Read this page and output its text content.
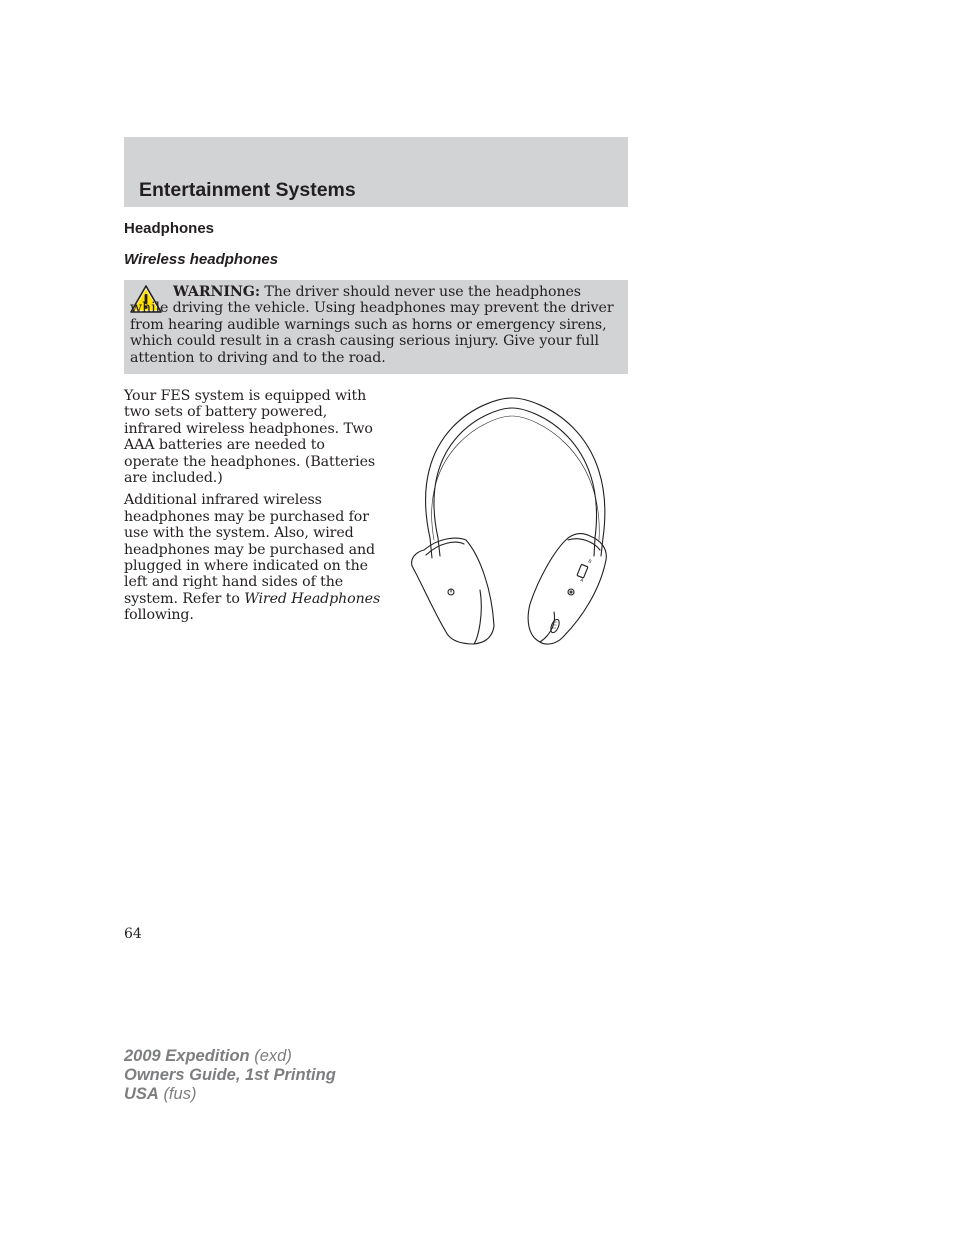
Entertainment Systems
Headphones
Wireless headphones
WARNING: The driver should never use the headphones while driving the vehicle. Using headphones may prevent the driver from hearing audible warnings such as horns or emergency sirens, which could result in a crash causing serious injury. Give your full attention to driving and to the road.

Your FES system is equipped with two sets of battery powered, infrared wireless headphones. Two AAA batteries are needed to operate the headphones. (Batteries are included.)

Additional infrared wireless headphones may be purchased for use with the system. Also, wired headphones may be purchased and plugged in where indicated on the left and right hand sides of the system. Refer to Wired Headphones following.

B
A
64
2009 Expedition (exd)
Owners Guide, 1st Printing
USA (fus)
